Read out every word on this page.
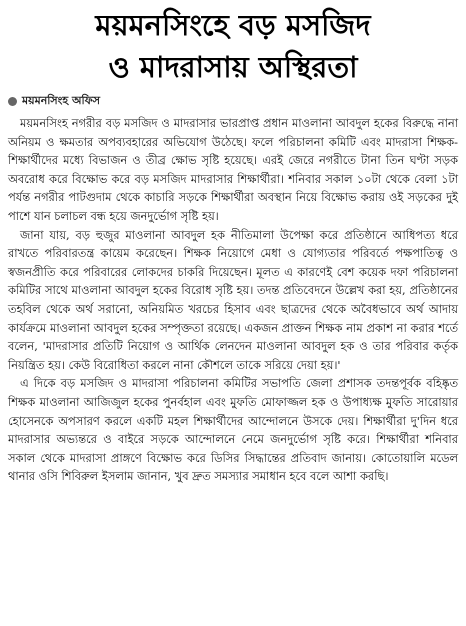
ময়মনসিংহে বড় মসজিদ
ও মাদরাসায় অস্থিরতা
ময়মনসিংহ অফিস

ময়মনসিংহ নগরীর বড় মসজিদ ও মাদরাসার ভারপ্রাপ্ত প্রধান মাওলানা আবদুল হকের বিরুদ্ধে নানা অনিয়ম ও ক্ষমতার অপব্যবহারের অভিযোগ উঠেছে। ফলে পরিচালনা কমিটি এবং মাদরাসা শিক্ষক-শিক্ষার্থীদের মধ্যে বিভাজন ও তীব্র ক্ষোভ সৃষ্টি হয়েছে। এরই জেরে নগরীতে টানা তিন ঘণ্টা সড়ক অবরোধ করে বিক্ষোভ করে বড় মসজিদ মাদরাসার শিক্ষার্থীরা। শনিবার সকাল ১০টা থেকে বেলা ১টা পর্যন্ত নগরীর পাটগুদাম থেকে কাচারি সড়কে শিক্ষার্থীরা অবস্থান নিয়ে বিক্ষোভ করায় ওই সড়কের দুই পাশে যান চলাচল বন্ধ হয়ে জনদুর্ভোগ সৃষ্টি হয়।

জানা যায়, বড় হুজুর মাওলানা আবদুল হক নীতিমালা উপেক্ষা করে প্রতিষ্ঠানে আধিপত্য ধরে রাখতে পরিবারতন্ত্র কায়েম করেছেন। শিক্ষক নিয়োগে মেধা ও যোগ্যতার পরিবর্তে পক্ষপাতিত্ব ও স্বজনপ্রীতি করে পরিবারের লোকদের চাকরি দিয়েছেন। মূলত এ কারণেই বেশ কয়েক দফা পরিচালনা কমিটির সাথে মাওলানা আবদুল হকের বিরোধ সৃষ্টি হয়। তদন্ত প্রতিবেদনে উল্লেখ করা হয়, প্রতিষ্ঠানের তহবিল থেকে অর্থ সরানো, অনিয়মিত খরচের হিসাব এবং ছাত্রদের থেকে অবৈধভাবে অর্থ আদায় কার্যক্রমে মাওলানা আবদুল হকের সম্পৃক্ততা রয়েছে। একজন প্রাক্তন শিক্ষক নাম প্রকাশ না করার শর্তে বলেন, 'মাদরাসার প্রতিটি নিয়োগ ও আর্থিক লেনদেন মাওলানা আবদুল হক ও তার পরিবার কর্তৃক নিয়ন্ত্রিত হয়। কেউ বিরোধিতা করলে নানা কৌশলে তাকে সরিয়ে দেয়া হয়।'

এ দিকে বড় মসজিদ ও মাদরাসা পরিচালনা কমিটির সভাপতি জেলা প্রশাসক তদন্তপূর্বক বহিষ্কৃত শিক্ষক মাওলানা আজিজুল হকের পুনর্বহাল এবং মুফতি মোফাজ্জল হক ও উপাধ্যক্ষ মুফতি সারোয়ার হোসেনকে অপসারণ করলে একটি মহল শিক্ষার্থীদের আন্দোলনে উসকে দেয়। শিক্ষার্থীরা দু'দিন ধরে মাদরাসার অভ্যন্তরে ও বাইরে সড়কে আন্দোলনে নেমে জনদুর্ভোগ সৃষ্টি করে। শিক্ষার্থীরা শনিবার সকাল থেকে মাদরাসা প্রাঙ্গণে বিক্ষোভ করে ডিসির সিদ্ধান্তের প্রতিবাদ জানায়। কোতোয়ালি মডেল থানার ওসি শিবিরুল ইসলাম জানান, খুব দ্রুত সমস্যার সমাধান হবে বলে আশা করছি।
